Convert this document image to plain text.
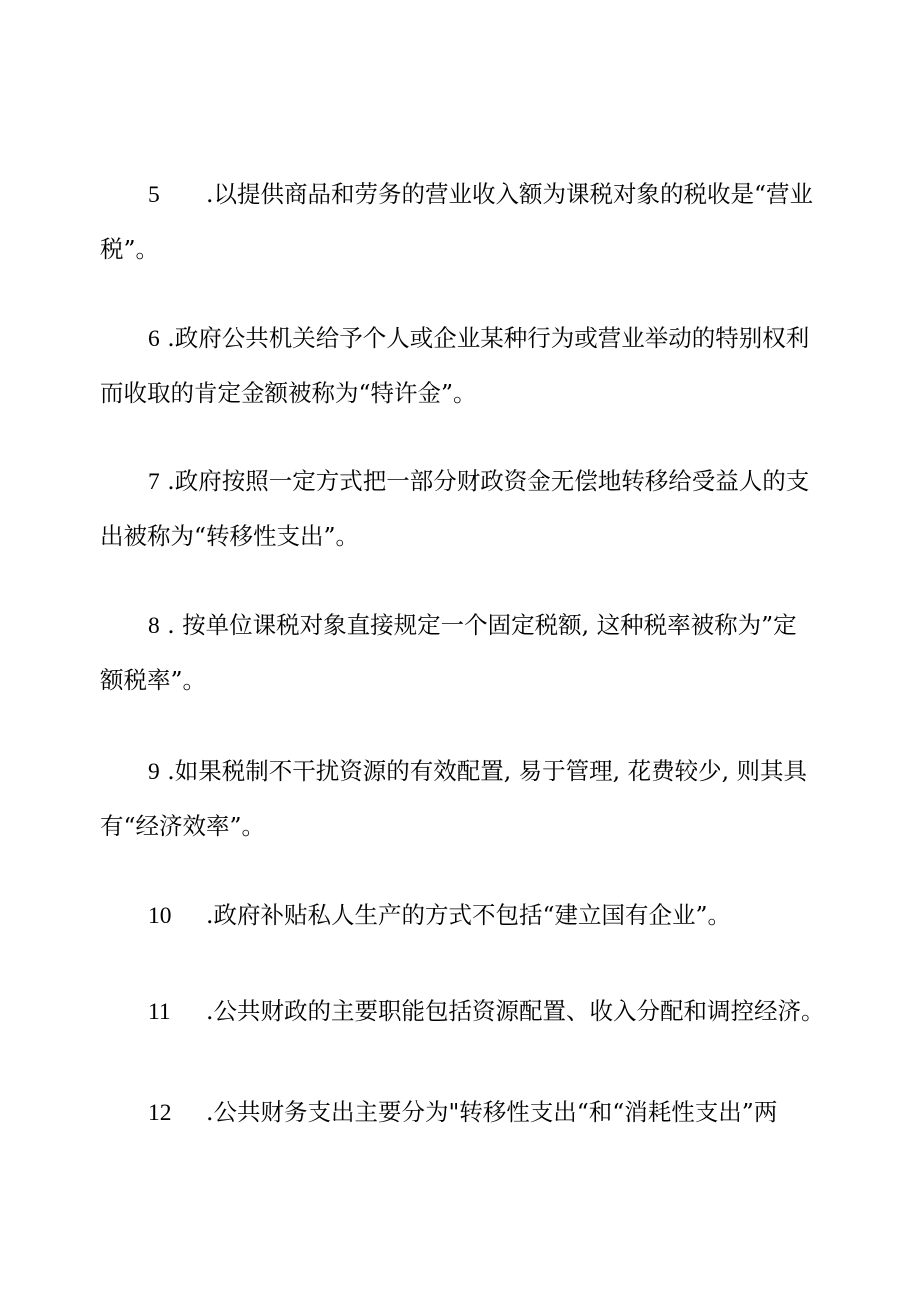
5 .以提供商品和劳务的营业收入额为课税对象的税收是“营业
税”。
6 .政府公共机关给予个人或企业某种行为或营业举动的特别权利
而收取的肯定金额被称为“特许金”。
7 .政府按照一定方式把一部分财政资金无偿地转移给受益人的支
出被称为“转移性支出”。
8 . 按单位课税对象直接规定一个固定税额, 这种税率被称为”定
额税率”。
9 .如果税制不干扰资源的有效配置, 易于管理, 花费较少, 则其具
有“经济效率”。
10 .政府补贴私人生产的方式不包括“建立国有企业”。
11 .公共财政的主要职能包括资源配置、收入分配和调控经济。
12 .公共财务支出主要分为"转移性支出“和“消耗性支出”两
